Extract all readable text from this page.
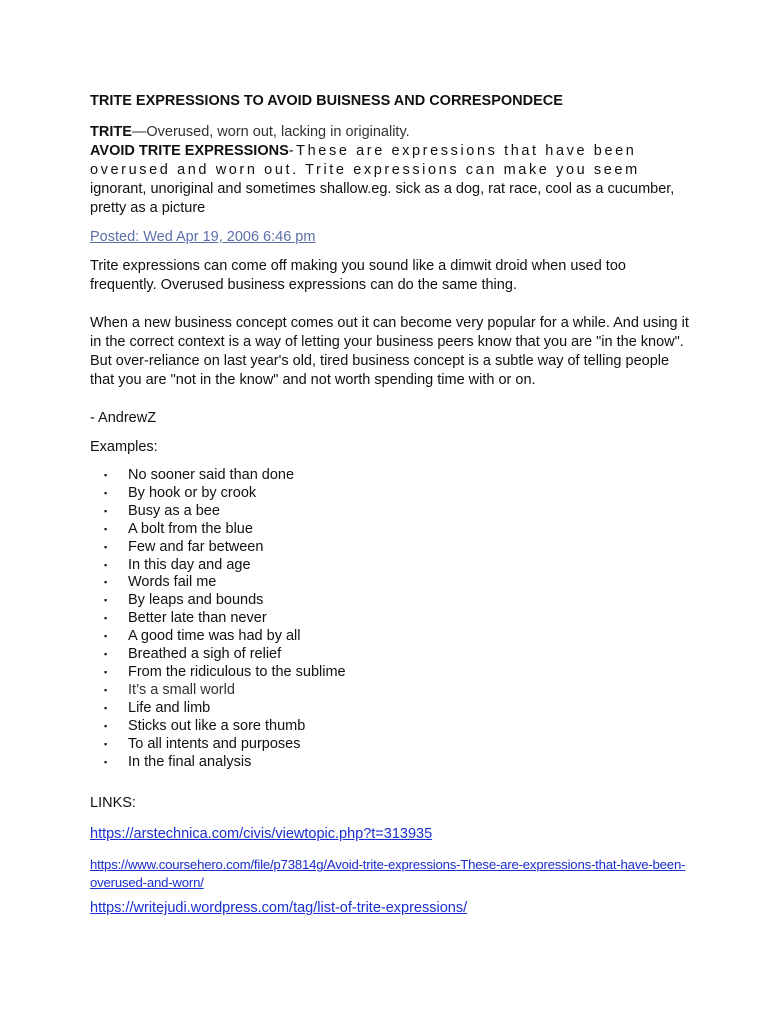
TRITE EXPRESSIONS TO AVOID BUISNESS AND CORRESPONDECE

TRITE—Overused, worn out, lacking in originality.

AVOID TRITE EXPRESSIONS-These are expressions that have been overused and worn out. Trite expressions can make you seem ignorant, unoriginal and sometimes shallow.eg. sick as a dog, rat race, cool as a cucumber, pretty as a picture

Posted: Wed Apr 19, 2006 6:46 pm

Trite expressions can come off making you sound like a dimwit droid when used too frequently. Overused business expressions can do the same thing.

When a new business concept comes out it can become very popular for a while. And using it in the correct context is a way of letting your business peers know that you are "in the know". But over-reliance on last year's old, tired business concept is a subtle way of telling people that you are "not in the know" and not worth spending time with or on.

- AndrewZ

Examples:

▪ No sooner said than done
▪ By hook or by crook
▪ Busy as a bee
▪ A bolt from the blue
▪ Few and far between
▪ In this day and age
▪ Words fail me
▪ By leaps and bounds
▪ Better late than never
▪ A good time was had by all
▪ Breathed a sigh of relief
▪ From the ridiculous to the sublime
▪ It’s a small world
▪ Life and limb
▪ Sticks out like a sore thumb
▪ To all intents and purposes
▪ In the final analysis

LINKS:

https://arstechnica.com/civis/viewtopic.php?t=313935
https://www.coursehero.com/file/p73814g/Avoid-trite-expressions-These-are-expressions-that-have-been-overused-and-worn/
https://writejudi.wordpress.com/tag/list-of-trite-expressions/
